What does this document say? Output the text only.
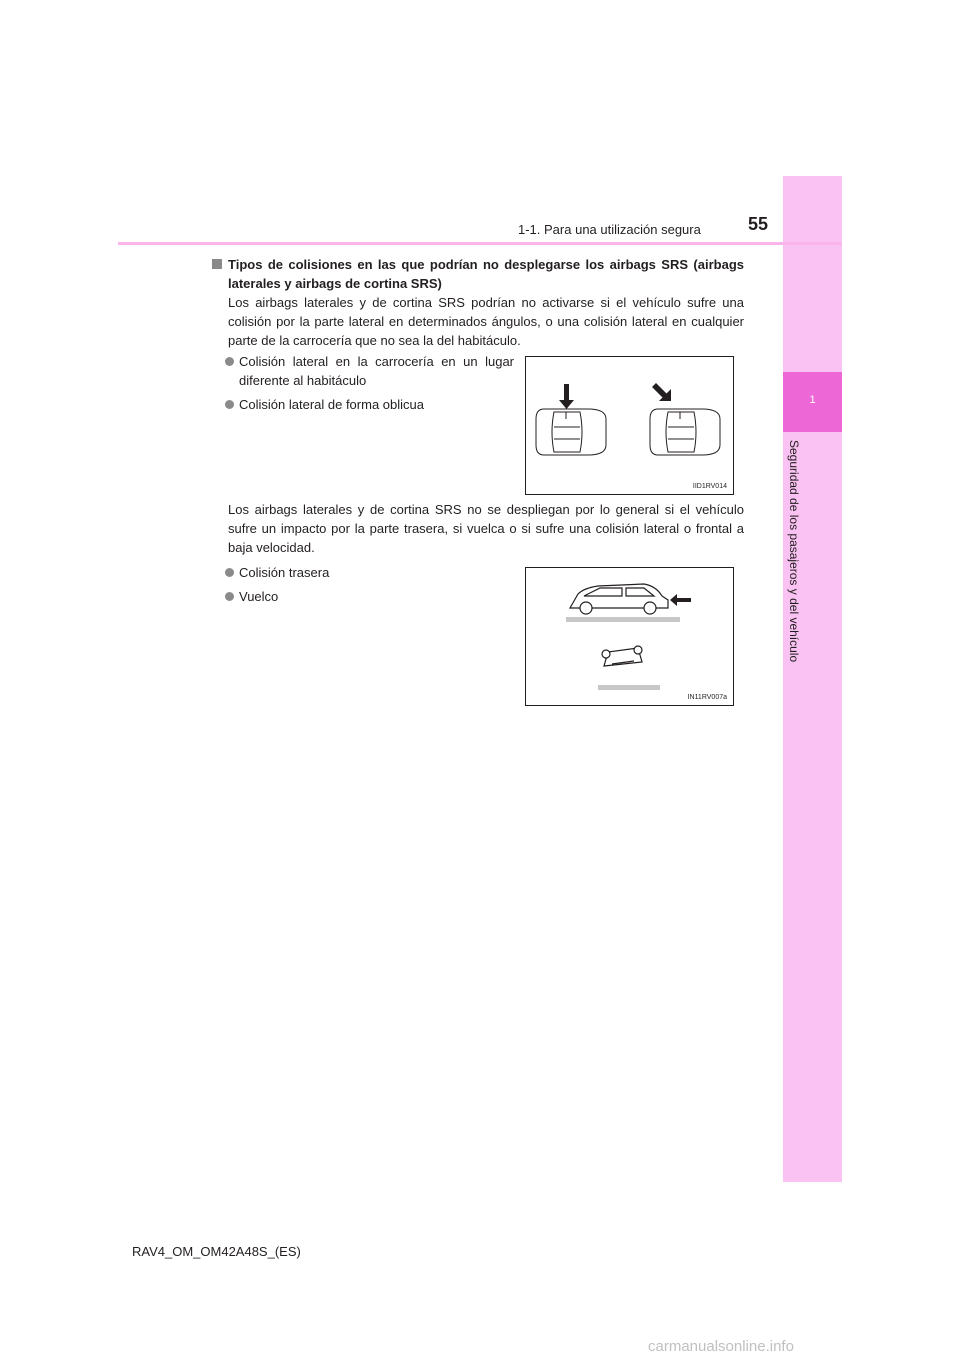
1
Seguridad de los pasajeros y del vehículo
1-1. Para una utilización segura	55
Tipos de colisiones en las que podrían no desplegarse los airbags SRS (airbags laterales y airbags de cortina SRS)

Los airbags laterales y de cortina SRS podrían no activarse si el vehículo sufre una colisión por la parte lateral en determinados ángulos, o una colisión lateral en cualquier parte de la carrocería que no sea la del habitáculo.

Colisión lateral en la carrocería en un lugar diferente al habitáculo
Colisión lateral de forma oblicua
IID1RV014

Los airbags laterales y de cortina SRS no se despliegan por lo general si el vehículo sufre un impacto por la parte trasera, si vuelca o si sufre una colisión lateral o frontal a baja velocidad.

Colisión trasera
Vuelco
IN11RV007a
RAV4_OM_OM42A48S_(ES)
carmanualsonline.info
